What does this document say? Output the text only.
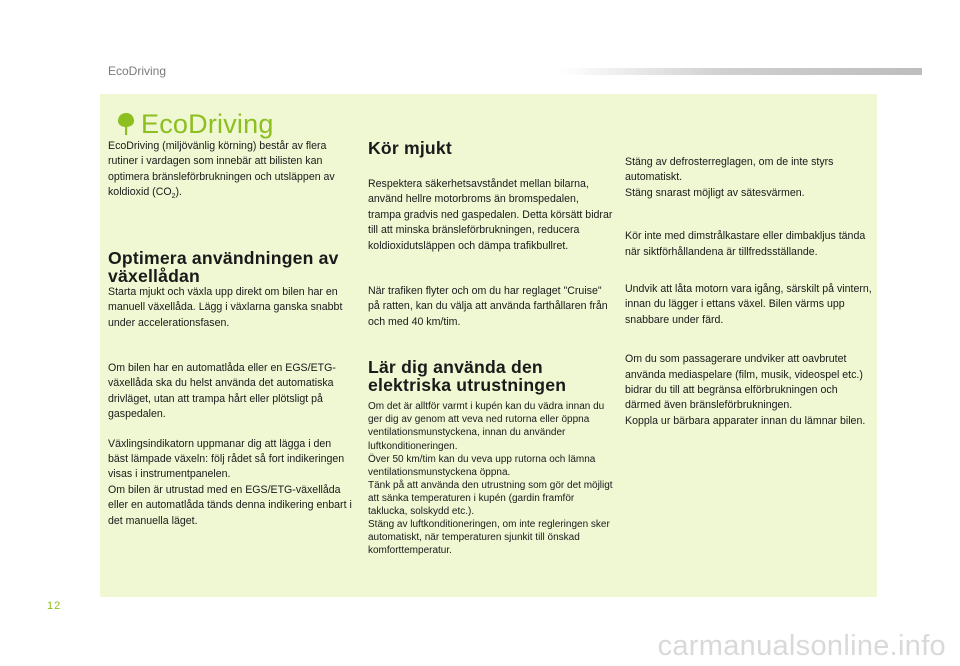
EcoDriving
EcoDriving

EcoDriving (miljövänlig körning) består av flera rutiner i vardagen som innebär att bilisten kan optimera bränsleförbrukningen och utsläppen av koldioxid $(CO_2)$.

Optimera användningen av växellådan

Starta mjukt och växla upp direkt om bilen har en manuell växellåda. Lägg i växlarna ganska snabbt under accelerationsfasen.

Om bilen har en automatlåda eller en EGS/ETG-växellåda ska du helst använda det automatiska drivläget, utan att trampa hårt eller plötsligt på gaspedalen.

Växlingsindikatorn uppmanar dig att lägga i den bäst lämpade växeln: följ rådet så fort indikeringen visas i instrumentpanelen.

Om bilen är utrustad med en EGS/ETG-växellåda eller en automatlåda tänds denna indikering enbart i det manuella läget.

Kör mjukt

Respektera säkerhetsavståndet mellan bilarna, använd hellre motorbroms än bromspedalen, trampa gradvis ned gaspedalen. Detta körsätt bidrar till att minska bränsleförbrukningen, reducera koldioxidutsläppen och dämpa trafikbullret.

När trafiken flyter och om du har reglaget "Cruise" på ratten, kan du välja att använda farthållaren från och med 40 km/tim.

Lär dig använda den elektriska utrustningen

Om det är alltför varmt i kupén kan du vädra innan du ger dig av genom att veva ned rutorna eller öppna ventilationsmunstyckena, innan du använder luftkonditioneringen.

Över 50 km/tim kan du veva upp rutorna och lämna ventilationsmunstyckena öppna.

Tänk på att använda den utrustning som gör det möjligt att sänka temperaturen i kupén (gardin framför taklucka, solskydd etc.).

Stäng av luftkonditioneringen, om inte regleringen sker automatiskt, när temperaturen sjunkit till önskad komforttemperatur.

Stäng av defrosterreglagen, om de inte styrs automatiskt.

Stäng snarast möjligt av sätesvärmen.

Kör inte med dimstrålkastare eller dimbakljus tända när siktförhållandena är tillfredsställande.

Undvik att låta motorn vara igång, särskilt på vintern, innan du lägger i ettans växel. Bilen värms upp snabbare under färd.

Om du som passagerare undviker att oavbrutet använda mediaspelare (film, musik, videospel etc.) bidrar du till att begränsa elförbrukningen och därmed även bränsleförbrukningen.

Koppla ur bärbara apparater innan du lämnar bilen.

12
carmanualsonline.info
